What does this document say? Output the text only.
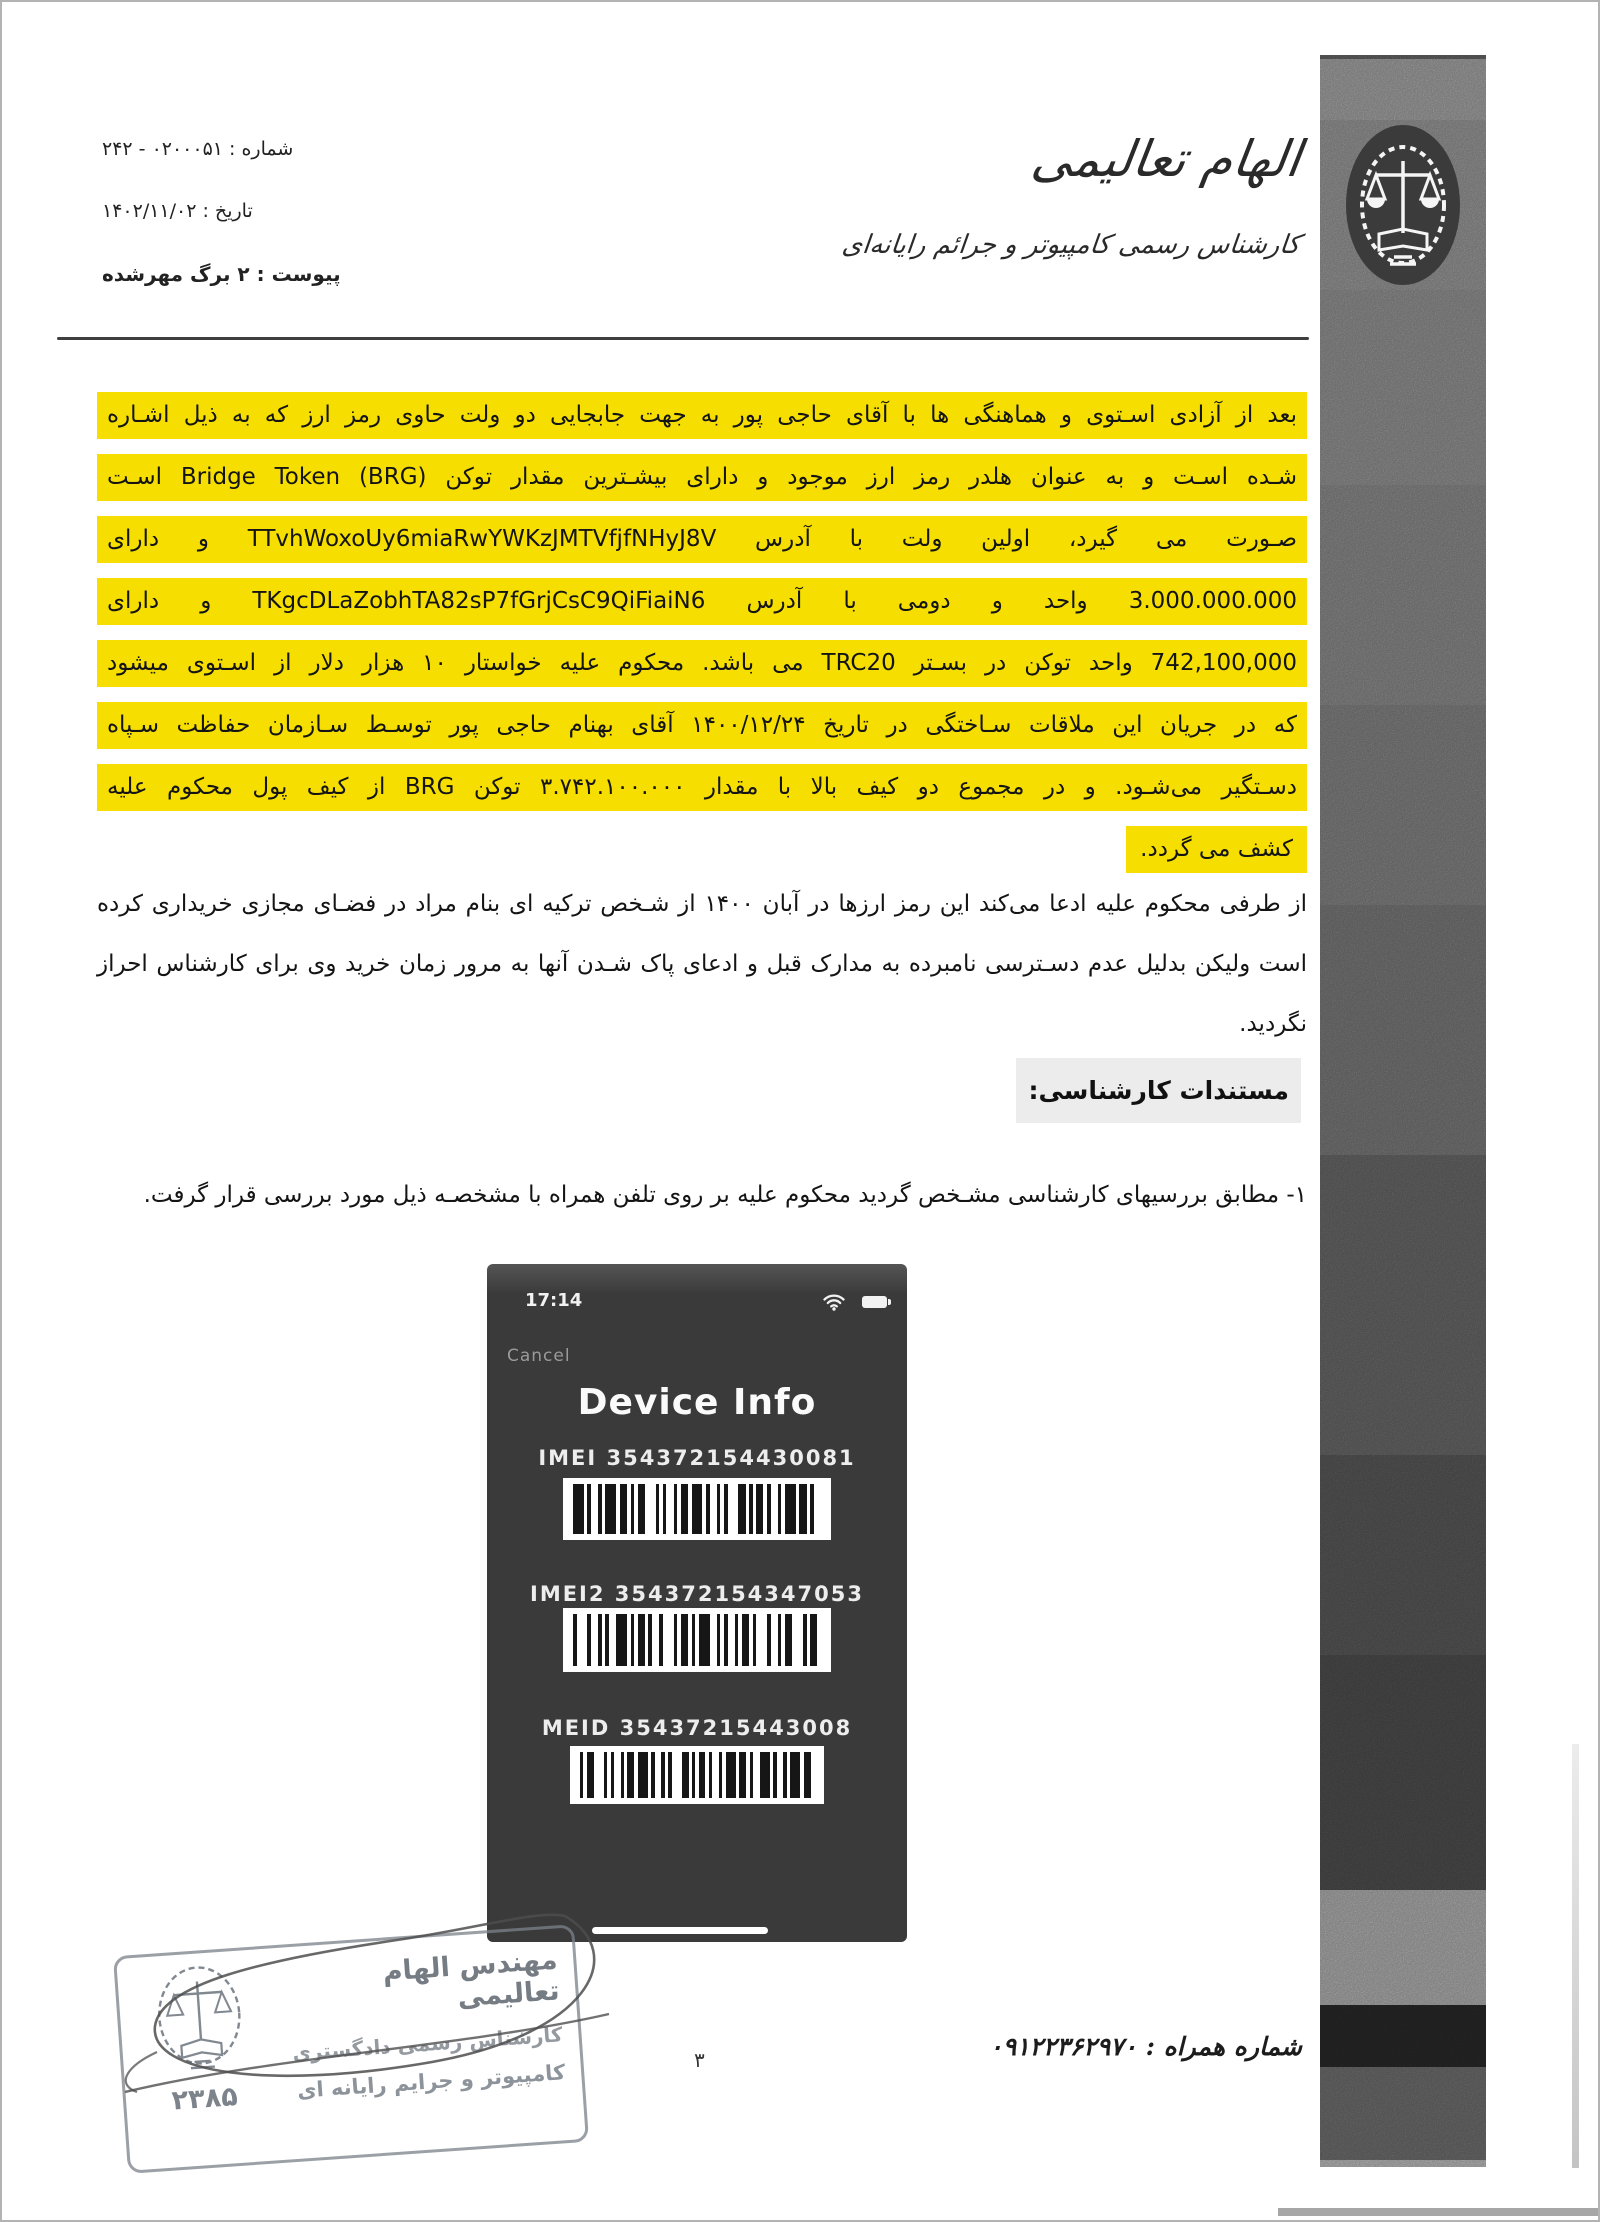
شماره : ۰۲۰۰۰۵۱ - ۲۴۲
تاریخ : ۱۴۰۲/۱۱/۰۲
پیوست : ۲ برگ مهرشده
الهام تعالیمی
کارشناس رسمی کامپیوتر و جرائم رایانه‌ای
بعد از آزادی اسـتوی و هماهنگی ها با آقای حاجی پور به جهت جابجایی دو ولت حاوی رمز ارز که به ذیل اشـاره
شـده اسـت و به عنوان هلدر رمز ارز موجود و دارای بیشـترین مقدار توکن ‎Bridge Token (BRG)‎ اسـت
صـورت می گیرد، اولین ولت با آدرس TTvhWoxoUy6miaRwYWKzJMTVfjfNHyJ8V و دارای
3.000.000.000 واحد و دومی با آدرس TKgcDLaZobhTA82sP7fGrjCsC9QiFiaiN6 و دارای
742,100,000 واحد توکن در بسـتر TRC20 می باشد. محکوم علیه خواستار ۱۰ هزار دلار از اسـتوی میشود
که در جریان این ملاقات سـاختگی در تاریخ ۱۴۰۰/۱۲/۲۴ آقای بهنام حاجی پور توسـط سـازمان حفاظت سـپاه
دسـتگیر می‌شـود. و در مجموع دو کیف بالا با مقدار ۳.۷۴۲.۱۰۰.۰۰۰ توکن BRG از کیف پول محکوم علیه
کشف می گردد.

از طرفی محکوم علیه ادعا می‌کند این رمز ارزها در آبان ۱۴۰۰ از شـخص ترکیه ای بنام مراد در فضـای مجازی خریداری کرده است ولیکن بدلیل عدم دسـترسی نامبرده به مدارک قبل و ادعای پاک شـدن آنها به مرور زمان خرید وی برای کارشناس احراز نگردید.

مستندات کارشناسی:

۱- مطابق بررسیهای کارشناسی مشـخص گردید محکوم علیه بر روی تلفن همراه با مشخصـه ذیل مورد بررسی قرار گرفت.

17:14
Cancel
Device Info
IMEI 354372154430081
IMEI2 354372154347053
MEID 35437215443008
مهندس الهام تعالیمی
کارشناس رسمی دادگستری
کامپیوتر و جرایم رایانه ای
۲۳۸۵
۳	شماره همراه : ۰۹۱۲۲۳۶۲۹۷۰
